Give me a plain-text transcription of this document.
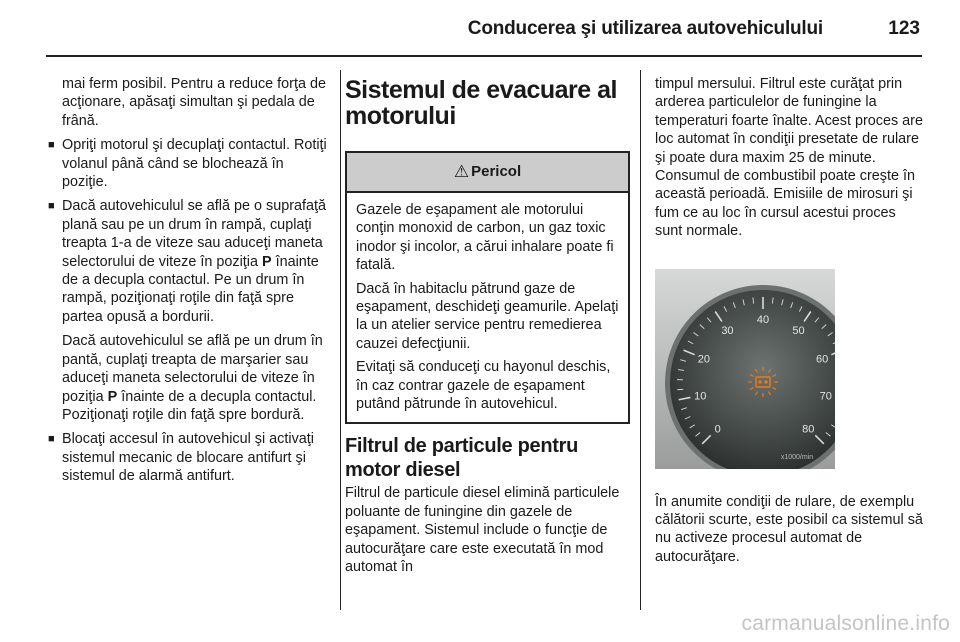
Conducerea şi utilizarea autovehiculului	123

mai ferm posibil. Pentru a reduce forţa de acţionare, apăsaţi simultan şi pedala de frână.

■ Opriţi motorul şi decuplaţi contactul. Rotiţi volanul până când se blochează în poziţie.
■ Dacă autovehiculul se află pe o suprafaţă plană sau pe un drum în rampă, cuplaţi treapta 1-a de viteze sau aduceţi maneta selectorului de viteze în poziţia P înainte de a decupla contactul. Pe un drum în rampă, poziţionaţi roţile din faţă spre partea opusă a bordurii.

Dacă autovehiculul se află pe un drum în pantă, cuplaţi treapta de marşarier sau aduceţi maneta selectorului de viteze în poziţia P înainte de a decupla contactul. Poziţionaţi roţile din faţă spre bordură.

■ Blocaţi accesul în autovehicul şi activaţi sistemul mecanic de blocare antifurt şi sistemul de alarmă antifurt.
Sistemul de evacuare al motorului
⚠ Pericol

Gazele de eşapament ale motorului conţin monoxid de carbon, un gaz toxic inodor şi incolor, a cărui inhalare poate fi fatală.

Dacă în habitaclu pătrund gaze de eşapament, deschideţi geamurile. Apelaţi la un atelier service pentru remedierea cauzei defecţiunii.

Evitaţi să conduceţi cu hayonul deschis, în caz contrar gazele de eşapament putând pătrunde în autovehicul.

Filtrul de particule pentru motor diesel

Filtrul de particule diesel elimină particulele poluante de funingine din gazele de eşapament. Sistemul include o funcţie de autocurăţare care este executată în mod automat în

timpul mersului. Filtrul este curăţat prin arderea particulelor de funingine la temperaturi foarte înalte. Acest proces are loc automat în condiţii presetate de rulare şi poate dura maxim 25 de minute. Consumul de combustibil poate creşte în această perioadă. Emisiile de mirosuri şi fum ce au loc în cursul acestui proces sunt normale.

0
10
20
30
40
50
60
70
80
x1000/min

În anumite condiţii de rulare, de exemplu călătorii scurte, este posibil ca sistemul să nu activeze procesul automat de autocurăţare.

carmanualsonline.info
